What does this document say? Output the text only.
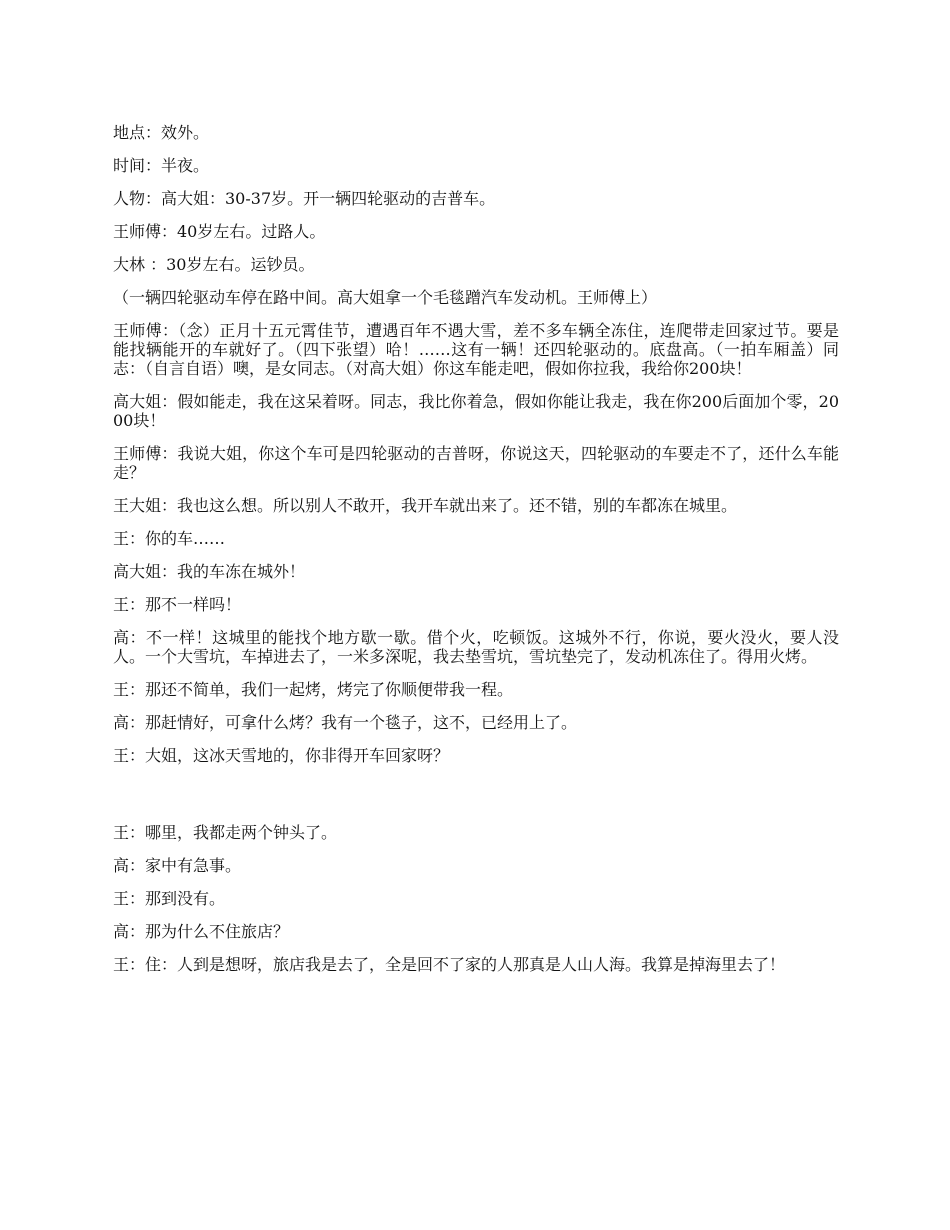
地点：效外。

时间：半夜。

人物：高大姐：30-37岁。开一辆四轮驱动的吉普车。

王师傅：40岁左右。过路人。

大林 ：30岁左右。运钞员。

（一辆四轮驱动车停在路中间。高大姐拿一个毛毯蹭汽车发动机。王师傅上）

王师傅：（念）正月十五元霄佳节，遭遇百年不遇大雪，差不多车辆全冻住，连爬带走回家过节。要是能找辆能开的车就好了。（四下张望）哈！……这有一辆！还四轮驱动的。底盘高。（一拍车厢盖）同志：（自言自语）噢，是女同志。（对高大姐）你这车能走吧，假如你拉我，我给你200块！

高大姐：假如能走，我在这呆着呀。同志，我比你着急，假如你能让我走，我在你200后面加个零，2000块！

王师傅：我说大姐，你这个车可是四轮驱动的吉普呀，你说这天，四轮驱动的车要走不了，还什么车能走？

王大姐：我也这么想。所以别人不敢开，我开车就出来了。还不错，别的车都冻在城里。

王：你的车……

高大姐：我的车冻在城外！

王：那不一样吗！

高：不一样！这城里的能找个地方歇一歇。借个火，吃顿饭。这城外不行，你说，要火没火，要人没人。一个大雪坑，车掉进去了，一米多深呢，我去垫雪坑，雪坑垫完了，发动机冻住了。得用火烤。

王：那还不简单，我们一起烤，烤完了你顺便带我一程。

高：那赶情好，可拿什么烤？我有一个毯子，这不，已经用上了。

王：大姐，这冰天雪地的，你非得开车回家呀？

王：哪里，我都走两个钟头了。

高：家中有急事。

王：那到没有。

高：那为什么不住旅店？

王：住：人到是想呀，旅店我是去了，全是回不了家的人那真是人山人海。我算是掉海里去了！
